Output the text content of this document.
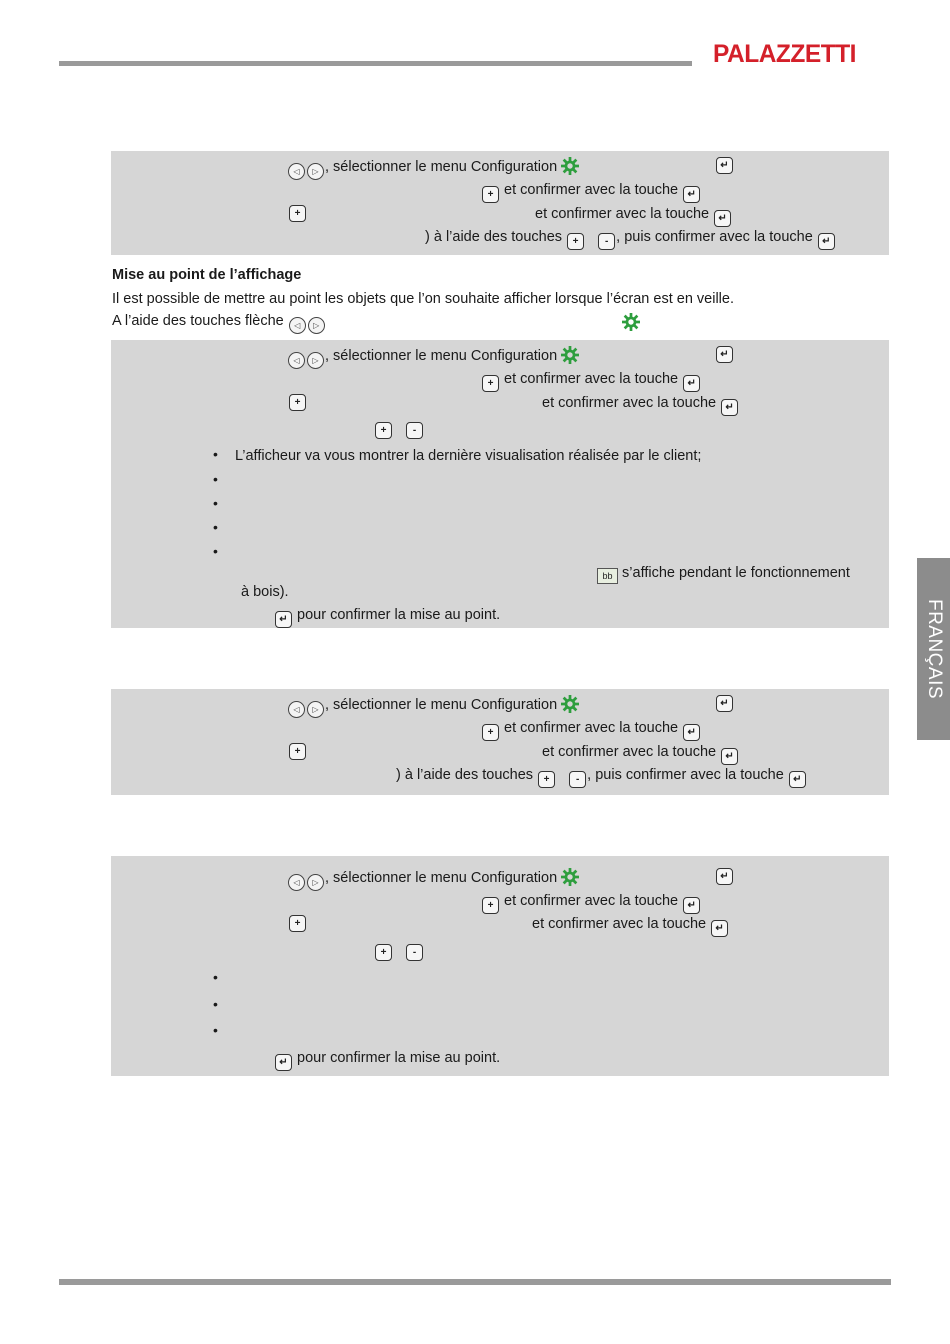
PALAZZETTI
FRANÇAIS
◁ ▷ , sélectionner le menu Configuration	↵
+ et confirmer avec la touche ↵
+	et confirmer avec la touche ↵
) à l’aide des touches +	- , puis confirmer avec la touche ↵
Mise au point de l’affichage
Il est possible de mettre au point les objets que l’on souhaite afficher lorsque l’écran est en veille.
A l’aide des touches flèche ◁ ▷
◁ ▷ , sélectionner le menu Configuration	↵
+ et confirmer avec la touche ↵
+	et confirmer avec la touche ↵
+	-
• L’afficheur va vous montrer la dernière visualisation réalisée par le client;
•
•
•
•
bb s’affiche pendant le fonctionnement
à bois).
↵ pour confirmer la mise au point.
◁ ▷ , sélectionner le menu Configuration	↵
+ et confirmer avec la touche ↵
+	et confirmer avec la touche ↵
) à l’aide des touches +	- , puis confirmer avec la touche ↵
◁ ▷ , sélectionner le menu Configuration	↵
+ et confirmer avec la touche ↵
+	et confirmer avec la touche ↵
+	-
•
•
•
↵ pour confirmer la mise au point.
